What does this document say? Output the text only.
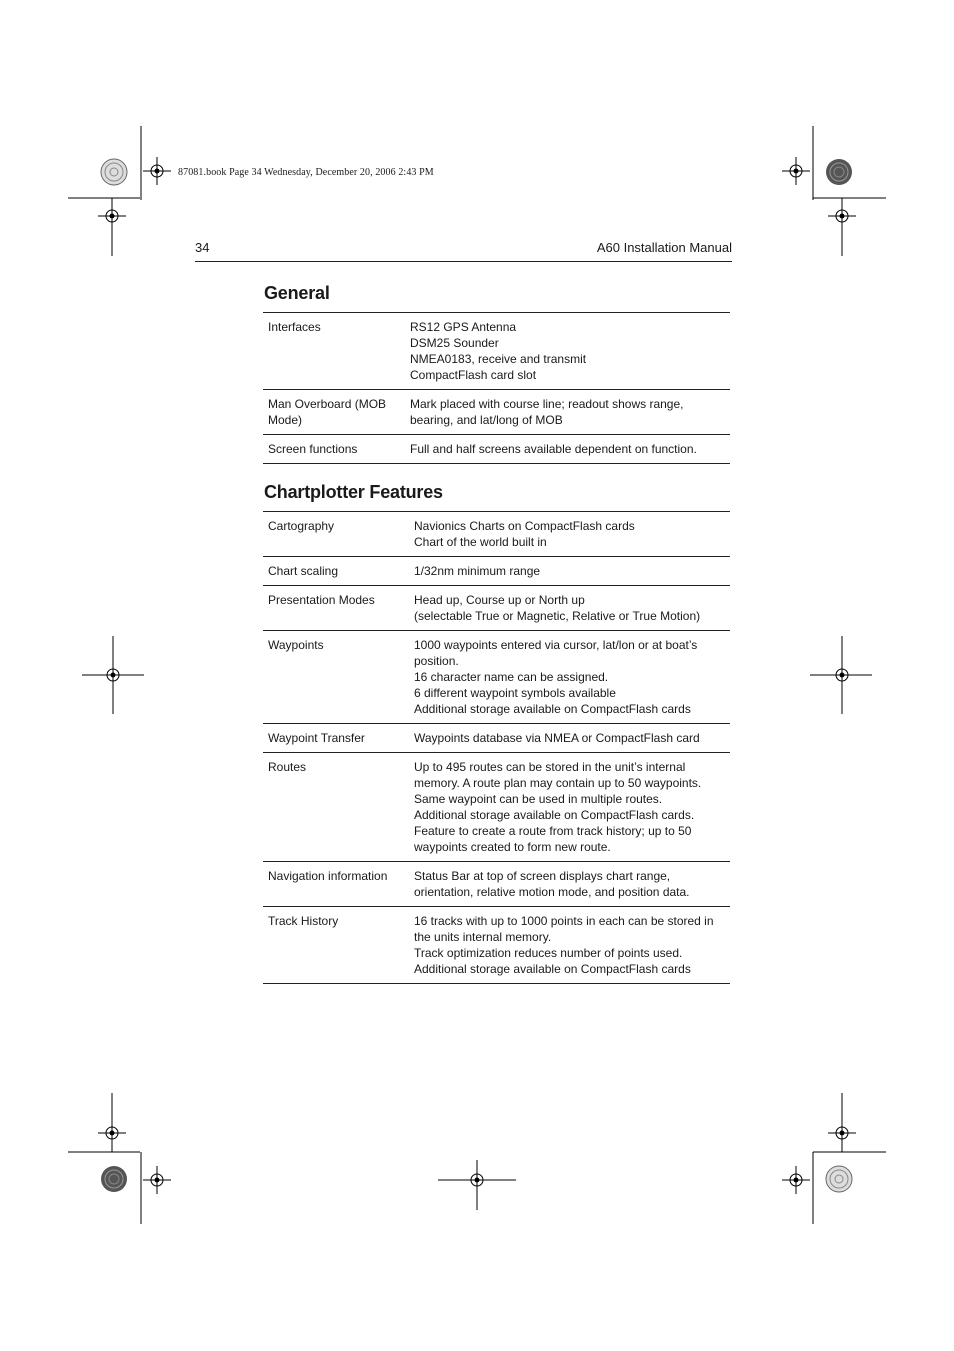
87081.book Page 34 Wednesday, December 20, 2006 2:43 PM
34	A60 Installation Manual
General
Interfaces	RS12 GPS Antenna
DSM25 Sounder
NMEA0183, receive and transmit
CompactFlash card slot
Man Overboard (MOB Mode)	Mark placed with course line; readout shows range, bearing, and lat/long of MOB
Screen functions	Full and half screens available dependent on function.
Chartplotter Features
Cartography	Navionics Charts on CompactFlash cards
Chart of the world built in
Chart scaling	1/32nm minimum range
Presentation Modes	Head up, Course up or North up
(selectable True or Magnetic, Relative or True Motion)
Waypoints	1000 waypoints entered via cursor, lat/lon or at boat’s position.
16 character name can be assigned.
6 different waypoint symbols available
Additional storage available on CompactFlash cards
Waypoint Transfer	Waypoints database via NMEA or CompactFlash card
Routes	Up to 495 routes can be stored in the unit’s internal memory. A route plan may contain up to 50 waypoints.
Same waypoint can be used in multiple routes.
Additional storage available on CompactFlash cards.
Feature to create a route from track history; up to 50 waypoints created to form new route.
Navigation information	Status Bar at top of screen displays chart range, orientation, relative motion mode, and position data.
Track History	16 tracks with up to 1000 points in each can be stored in the units internal memory.
Track optimization reduces number of points used.
Additional storage available on CompactFlash cards
